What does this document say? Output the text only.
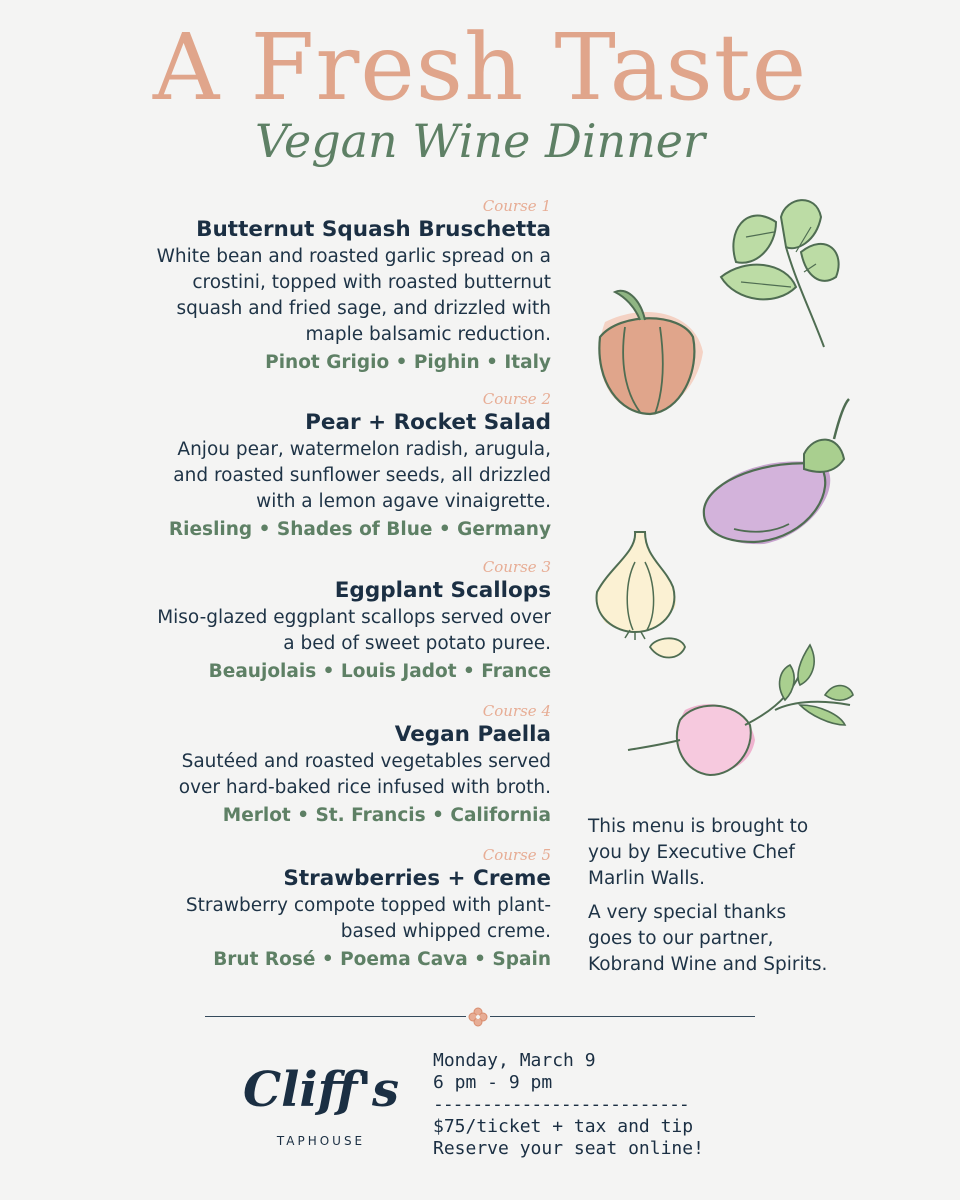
A Fresh Taste
Vegan Wine Dinner
Course 1
Butternut Squash Bruschetta
White bean and roasted garlic spread on a
crostini, topped with roasted butternut
squash and fried sage, and drizzled with
maple balsamic reduction.
Pinot Grigio • Pighin • Italy
Course 2
Pear + Rocket Salad
Anjou pear, watermelon radish, arugula,
and roasted sunflower seeds, all drizzled
with a lemon agave vinaigrette.
Riesling • Shades of Blue • Germany
Course 3
Eggplant Scallops
Miso-glazed eggplant scallops served over
a bed of sweet potato puree.
Beaujolais • Louis Jadot • France
Course 4
Vegan Paella
Sautéed and roasted vegetables served
over hard-baked rice infused with broth.
Merlot • St. Francis • California
Course 5
Strawberries + Creme
Strawberry compote topped with plant-
based whipped creme.
Brut Rosé • Poema Cava • Spain

This menu is brought to
you by Executive Chef
Marlin Walls.

A very special thanks
goes to our partner,
Kobrand Wine and Spirits.

Cliff's
TAPHOUSE
Monday, March 9
6 pm - 9 pm
--------------------------
$75/ticket + tax and tip
Reserve your seat online!
